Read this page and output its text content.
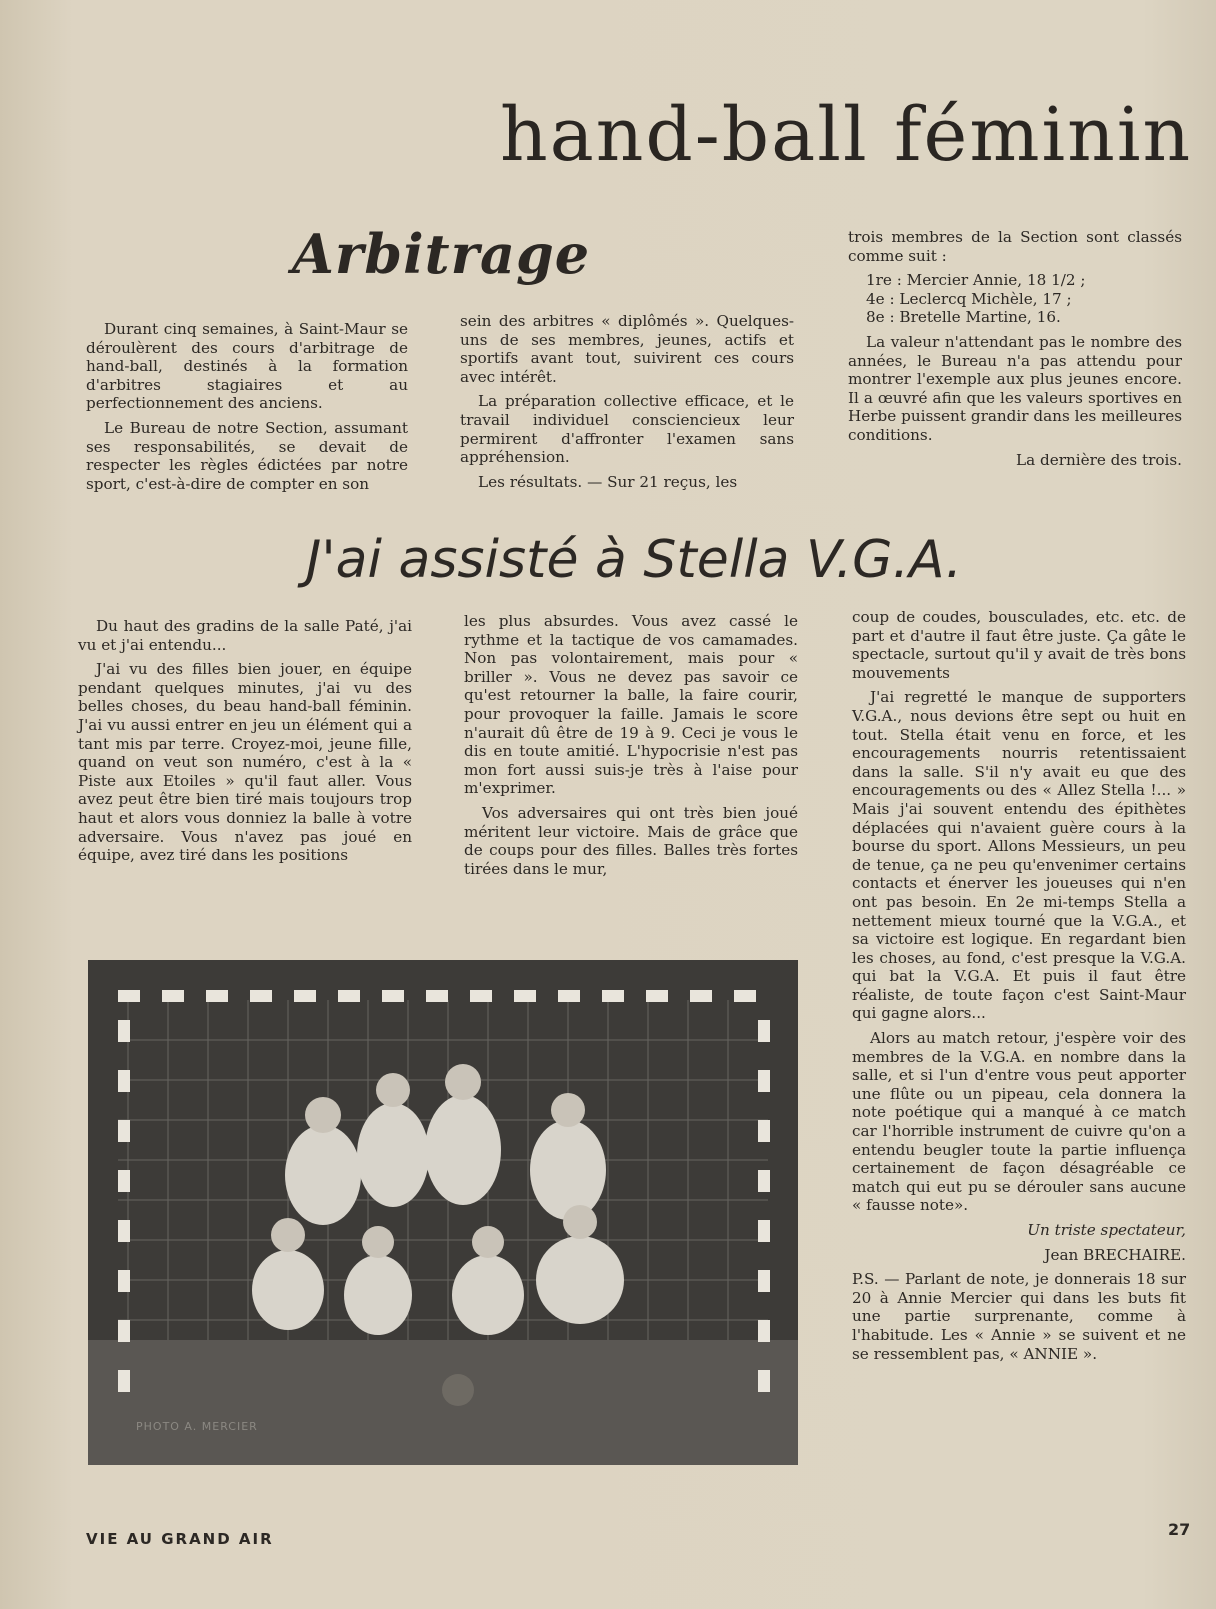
hand-ball féminin
Arbitrage

Durant cinq semaines, à Saint-Maur se déroulèrent des cours d'arbitrage de hand-ball, destinés à la formation d'arbitres stagiaires et au perfectionnement des anciens.

Le Bureau de notre Section, assumant ses responsabilités, se devait de respecter les règles édictées par notre sport, c'est-à-dire de compter en son

sein des arbitres « diplômés ». Quelques-uns de ses membres, jeunes, actifs et sportifs avant tout, suivirent ces cours avec intérêt.

La préparation collective efficace, et le travail individuel consciencieux leur permirent d'affronter l'examen sans appréhension.

Les résultats. — Sur 21 reçus, les

trois membres de la Section sont classés comme suit :

1re : Mercier Annie, 18 1/2 ;
4e : Leclercq Michèle, 17 ;
8e : Bretelle Martine, 16.

La valeur n'attendant pas le nombre des années, le Bureau n'a pas attendu pour montrer l'exemple aux plus jeunes encore. Il a œuvré afin que les valeurs sportives en Herbe puissent grandir dans les meilleures conditions.

La dernière des trois.

J'ai assisté à Stella V.G.A.

Du haut des gradins de la salle Paté, j'ai vu et j'ai entendu...

J'ai vu des filles bien jouer, en équipe pendant quelques minutes, j'ai vu des belles choses, du beau hand-ball féminin. J'ai vu aussi entrer en jeu un élément qui a tant mis par terre. Croyez-moi, jeune fille, quand on veut son numéro, c'est à la « Piste aux Etoiles » qu'il faut aller. Vous avez peut être bien tiré mais toujours trop haut et alors vous donniez la balle à votre adversaire. Vous n'avez pas joué en équipe, avez tiré dans les positions

les plus absurdes. Vous avez cassé le rythme et la tactique de vos camamades. Non pas volontairement, mais pour « briller ». Vous ne devez pas savoir ce qu'est retourner la balle, la faire courir, pour provoquer la faille. Jamais le score n'aurait dû être de 19 à 9. Ceci je vous le dis en toute amitié. L'hypocrisie n'est pas mon fort aussi suis-je très à l'aise pour m'exprimer.

Vos adversaires qui ont très bien joué méritent leur victoire. Mais de grâce que de coups pour des filles. Balles très fortes tirées dans le mur,

coup de coudes, bousculades, etc. etc. de part et d'autre il faut être juste. Ça gâte le spectacle, surtout qu'il y avait de très bons mouvements

J'ai regretté le manque de supporters V.G.A., nous devions être sept ou huit en tout. Stella était venu en force, et les encouragements nourris retentissaient dans la salle. S'il n'y avait eu que des encouragements ou des « Allez Stella !... » Mais j'ai souvent entendu des épithètes déplacées qui n'avaient guère cours à la bourse du sport. Allons Messieurs, un peu de tenue, ça ne peu qu'envenimer certains contacts et énerver les joueuses qui n'en ont pas besoin. En 2e mi-temps Stella a nettement mieux tourné que la V.G.A., et sa victoire est logique. En regardant bien les choses, au fond, c'est presque la V.G.A. qui bat la V.G.A. Et puis il faut être réaliste, de toute façon c'est Saint-Maur qui gagne alors...

Alors au match retour, j'espère voir des membres de la V.G.A. en nombre dans la salle, et si l'un d'entre vous peut apporter une flûte ou un pipeau, cela donnera la note poétique qui a manqué à ce match car l'horrible instrument de cuivre qu'on a entendu beugler toute la partie influença certainement de façon désagréable ce match qui eut pu se dérouler sans aucune « fausse note».

Un triste spectateur,

Jean BRECHAIRE.

P.S. — Parlant de note, je donnerais 18 sur 20 à Annie Mercier qui dans les buts fit une partie surprenante, comme à l'habitude. Les « Annie » se suivent et ne se ressemblent pas, « ANNIE ».

PHOTO A. MERCIER
VIE AU GRAND AIR	27
